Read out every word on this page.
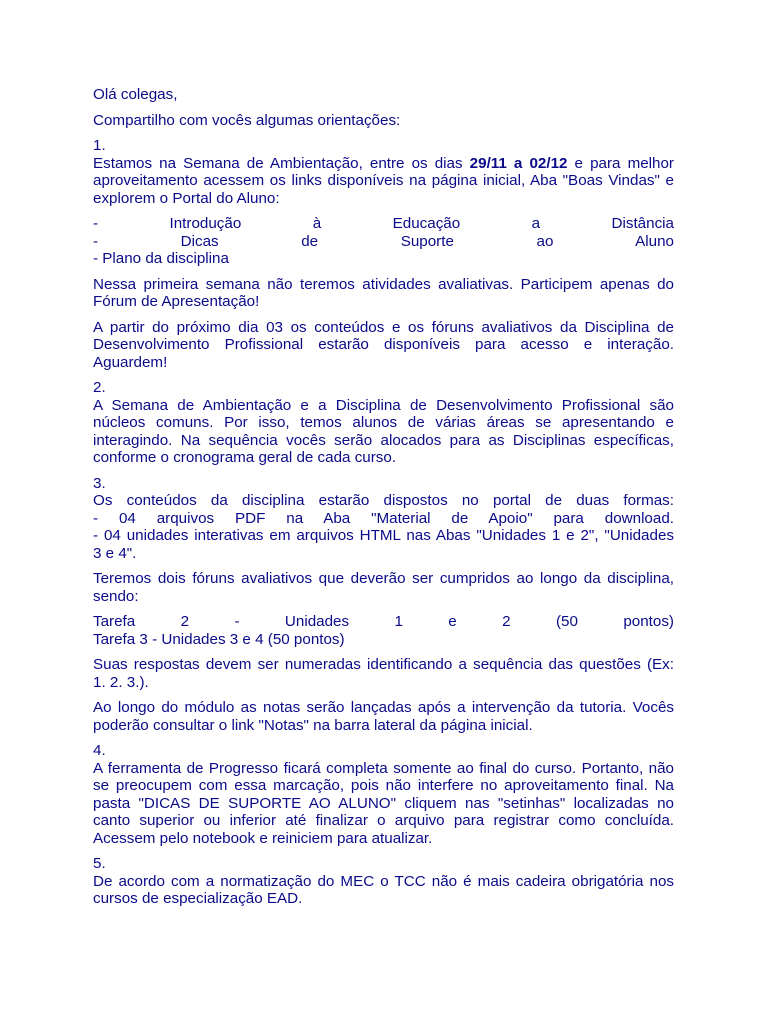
Olá colegas,

Compartilho com vocês algumas orientações:

1.
Estamos na Semana de Ambientação, entre os dias 29/11 a 02/12 e para melhor
aproveitamento acessem os links disponíveis na página inicial, Aba "Boas Vindas" e
explorem o Portal do Aluno:
- Introdução à Educação a Distância
- Dicas de Suporte ao Aluno
- Plano da disciplina
Nessa primeira semana não teremos atividades avaliativas. Participem apenas do
Fórum de Apresentação!
A partir do próximo dia 03 os conteúdos e os fóruns avaliativos da Disciplina de
Desenvolvimento Profissional estarão disponíveis para acesso e interação.
Aguardem!
2.
A Semana de Ambientação e a Disciplina de Desenvolvimento Profissional são
núcleos comuns. Por isso, temos alunos de várias áreas se apresentando e
interagindo. Na sequência vocês serão alocados para as Disciplinas específicas,
conforme o cronograma geral de cada curso.
3.
Os conteúdos da disciplina estarão dispostos no portal de duas formas:
- 04 arquivos PDF na Aba "Material de Apoio" para download.
- 04 unidades interativas em arquivos HTML nas Abas "Unidades 1 e 2", "Unidades
3 e 4".
Teremos dois fóruns avaliativos que deverão ser cumpridos ao longo da disciplina,
sendo:
Tarefa 2 - Unidades 1 e 2 (50 pontos)
Tarefa 3 - Unidades 3 e 4 (50 pontos)
Suas respostas devem ser numeradas identificando a sequência das questões (Ex:
1. 2. 3.).
Ao longo do módulo as notas serão lançadas após a intervenção da tutoria. Vocês
poderão consultar o link "Notas" na barra lateral da página inicial.
4.
A ferramenta de Progresso ficará completa somente ao final do curso. Portanto, não
se preocupem com essa marcação, pois não interfere no aproveitamento final. Na
pasta "DICAS DE SUPORTE AO ALUNO" cliquem nas "setinhas" localizadas no
canto superior ou inferior até finalizar o arquivo para registrar como concluída.
Acessem pelo notebook e reiniciem para atualizar.
5.
De acordo com a normatização do MEC o TCC não é mais cadeira obrigatória nos
cursos de especialização EAD.
